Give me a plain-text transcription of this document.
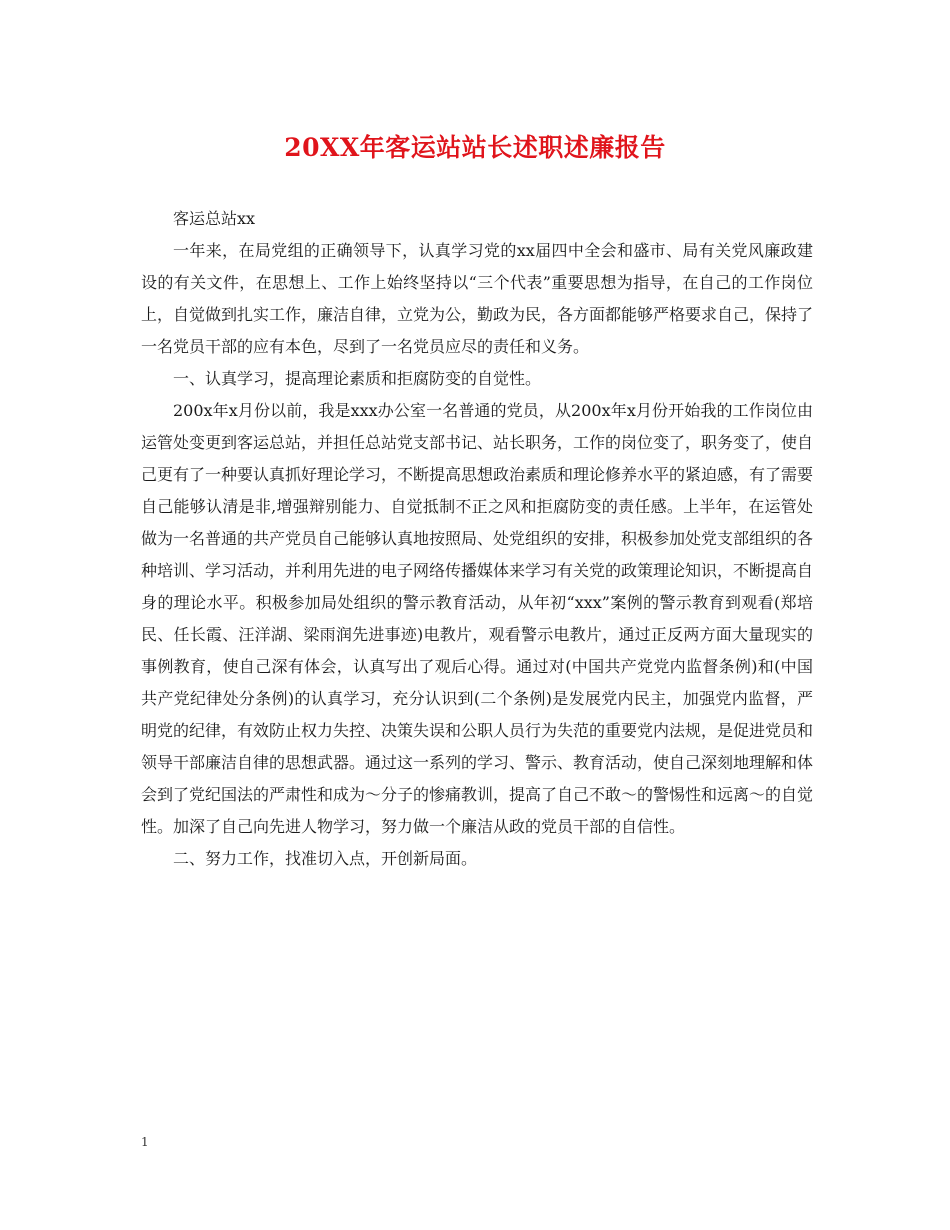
20XX年客运站站长述职述廉报告

客运总站xx

一年来，在局党组的正确领导下，认真学习党的xx届四中全会和盛市、局有关党风廉政建设的有关文件，在思想上、工作上始终坚持以“三个代表”重要思想为指导，在自己的工作岗位上，自觉做到扎实工作，廉洁自律，立党为公，勤政为民，各方面都能够严格要求自己，保持了一名党员干部的应有本色，尽到了一名党员应尽的责任和义务。

一、认真学习，提高理论素质和拒腐防变的自觉性。

200x年x月份以前，我是xxx办公室一名普通的党员，从200x年x月份开始我的工作岗位由运管处变更到客运总站，并担任总站党支部书记、站长职务，工作的岗位变了，职务变了，使自己更有了一种要认真抓好理论学习，不断提高思想政治素质和理论修养水平的紧迫感，有了需要自己能够认清是非,增强辩别能力、自觉抵制不正之风和拒腐防变的责任感。上半年，在运管处做为一名普通的共产党员自己能够认真地按照局、处党组织的安排，积极参加处党支部组织的各种培训、学习活动，并利用先进的电子网络传播媒体来学习有关党的政策理论知识，不断提高自身的理论水平。积极参加局处组织的警示教育活动，从年初“xxx”案例的警示教育到观看(郑培民、任长霞、汪洋湖、梁雨润先进事迹)电教片，观看警示电教片，通过正反两方面大量现实的事例教育，使自己深有体会，认真写出了观后心得。通过对(中国共产党党内监督条例)和(中国共产党纪律处分条例)的认真学习，充分认识到(二个条例)是发展党内民主，加强党内监督，严明党的纪律，有效防止权力失控、决策失误和公职人员行为失范的重要党内法规，是促进党员和领导干部廉洁自律的思想武器。通过这一系列的学习、警示、教育活动，使自己深刻地理解和体会到了党纪国法的严肃性和成为～分子的惨痛教训，提高了自己不敢～的警惕性和远离～的自觉性。加深了自己向先进人物学习，努力做一个廉洁从政的党员干部的自信性。

二、努力工作，找准切入点，开创新局面。

1
